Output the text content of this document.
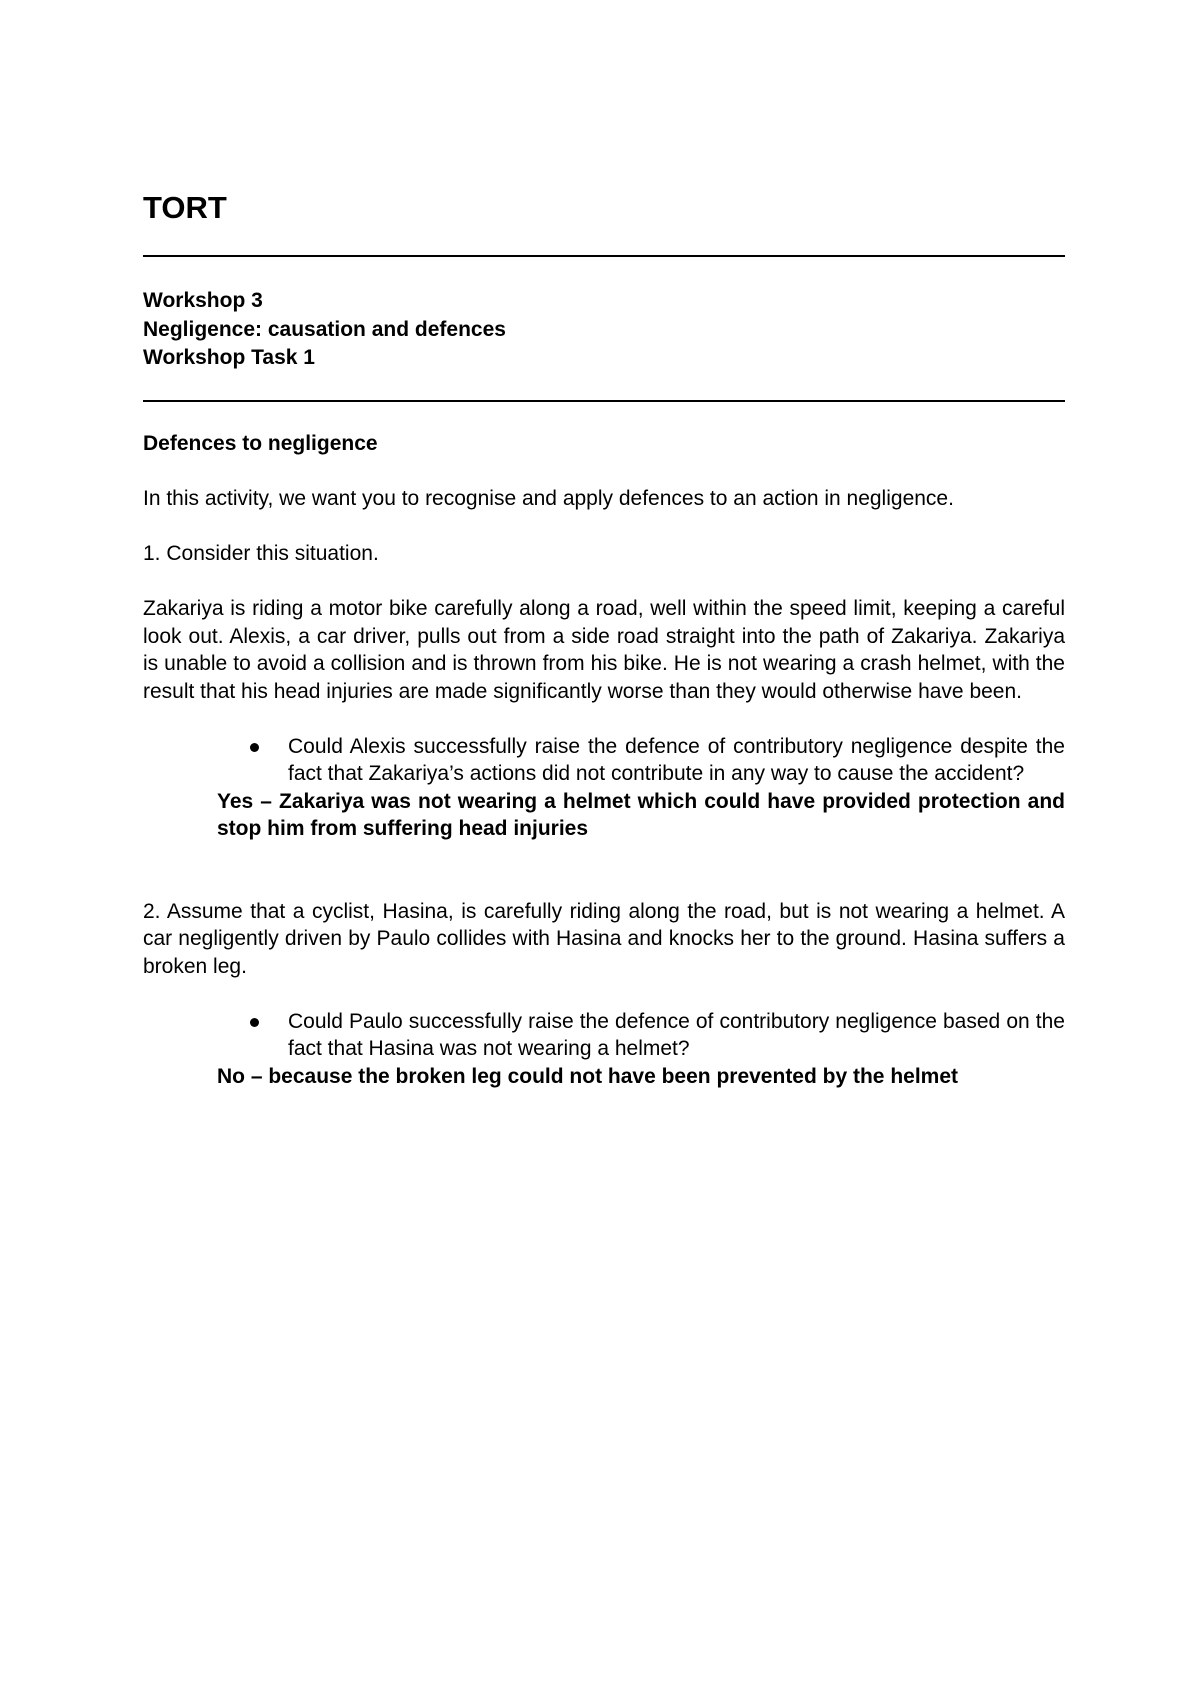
TORT
Workshop 3
Negligence: causation and defences
Workshop Task 1

Defences to negligence

In this activity, we want you to recognise and apply defences to an action in negligence.

1. Consider this situation.

Zakariya is riding a motor bike carefully along a road, well within the speed limit, keeping a careful look out. Alexis, a car driver, pulls out from a side road straight into the path of Zakariya. Zakariya is unable to avoid a collision and is thrown from his bike. He is not wearing a crash helmet, with the result that his head injuries are made significantly worse than they would otherwise have been.

Could Alexis successfully raise the defence of contributory negligence despite the fact that Zakariya’s actions did not contribute in any way to cause the accident?
Yes – Zakariya was not wearing a helmet which could have provided protection and stop him from suffering head injuries

2. Assume that a cyclist, Hasina, is carefully riding along the road, but is not wearing a helmet. A car negligently driven by Paulo collides with Hasina and knocks her to the ground. Hasina suffers a broken leg.

Could Paulo successfully raise the defence of contributory negligence based on the fact that Hasina was not wearing a helmet?
No – because the broken leg could not have been prevented by the helmet
